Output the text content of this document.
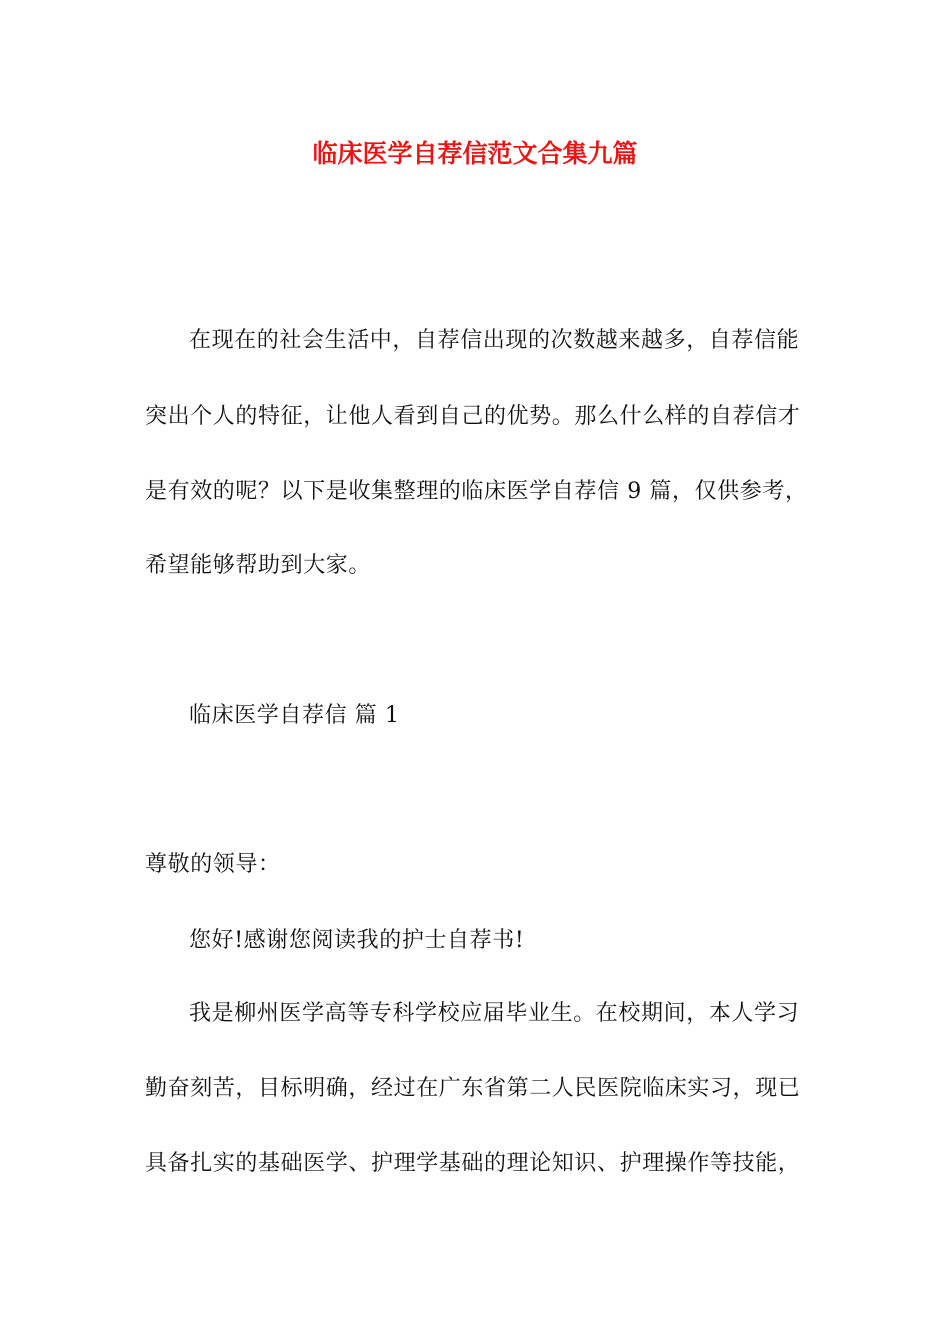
临床医学自荐信范文合集九篇
在现在的社会生活中，自荐信出现的次数越来越多，自荐信能
突出个人的特征，让他人看到自己的优势。那么什么样的自荐信才
是有效的呢？以下是收集整理的临床医学自荐信 9 篇，仅供参考，
希望能够帮助到大家。
临床医学自荐信 篇 1
尊敬的领导：
您好!感谢您阅读我的护士自荐书!
我是柳州医学高等专科学校应届毕业生。在校期间，本人学习
勤奋刻苦，目标明确，经过在广东省第二人民医院临床实习，现已
具备扎实的基础医学、护理学基础的理论知识、护理操作等技能，
